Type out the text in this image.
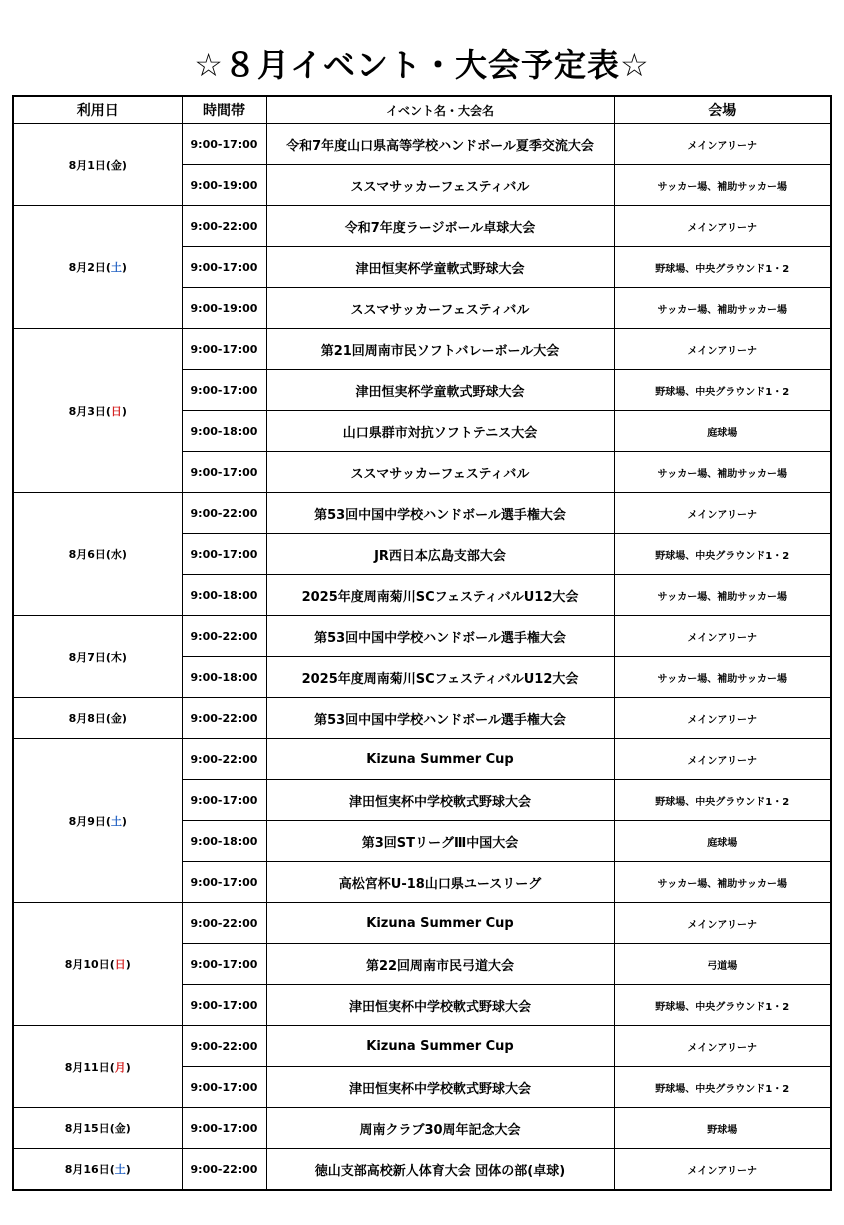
☆８月イベント・大会予定表☆
利用日	時間帯	イベント名・大会名	会場
8月1日(金)	9:00-17:00	令和7年度山口県高等学校ハンドボール夏季交流大会	メインアリーナ
	9:00-19:00	ススマサッカーフェスティバル	サッカー場、補助サッカー場
8月2日(土)	9:00-22:00	令和7年度ラージボール卓球大会	メインアリーナ
	9:00-17:00	津田恒実杯学童軟式野球大会	野球場、中央グラウンド1・2
	9:00-19:00	ススマサッカーフェスティバル	サッカー場、補助サッカー場
8月3日(日)	9:00-17:00	第21回周南市民ソフトバレーボール大会	メインアリーナ
	9:00-17:00	津田恒実杯学童軟式野球大会	野球場、中央グラウンド1・2
	9:00-18:00	山口県群市対抗ソフトテニス大会	庭球場
	9:00-17:00	ススマサッカーフェスティバル	サッカー場、補助サッカー場
8月6日(水)	9:00-22:00	第53回中国中学校ハンドボール選手権大会	メインアリーナ
	9:00-17:00	JR西日本広島支部大会	野球場、中央グラウンド1・2
	9:00-18:00	2025年度周南菊川SCフェスティバルU12大会	サッカー場、補助サッカー場
8月7日(木)	9:00-22:00	第53回中国中学校ハンドボール選手権大会	メインアリーナ
	9:00-18:00	2025年度周南菊川SCフェスティバルU12大会	サッカー場、補助サッカー場
8月8日(金)	9:00-22:00	第53回中国中学校ハンドボール選手権大会	メインアリーナ
8月9日(土)	9:00-22:00	Kizuna Summer Cup	メインアリーナ
	9:00-17:00	津田恒実杯中学校軟式野球大会	野球場、中央グラウンド1・2
	9:00-18:00	第3回STリーグⅢ中国大会	庭球場
	9:00-17:00	高松宮杯U-18山口県ユースリーグ	サッカー場、補助サッカー場
8月10日(日)	9:00-22:00	Kizuna Summer Cup	メインアリーナ
	9:00-17:00	第22回周南市民弓道大会	弓道場
	9:00-17:00	津田恒実杯中学校軟式野球大会	野球場、中央グラウンド1・2
8月11日(月)	9:00-22:00	Kizuna Summer Cup	メインアリーナ
	9:00-17:00	津田恒実杯中学校軟式野球大会	野球場、中央グラウンド1・2
8月15日(金)	9:00-17:00	周南クラブ30周年記念大会	野球場
8月16日(土)	9:00-22:00	徳山支部高校新人体育大会 団体の部(卓球)	メインアリーナ
